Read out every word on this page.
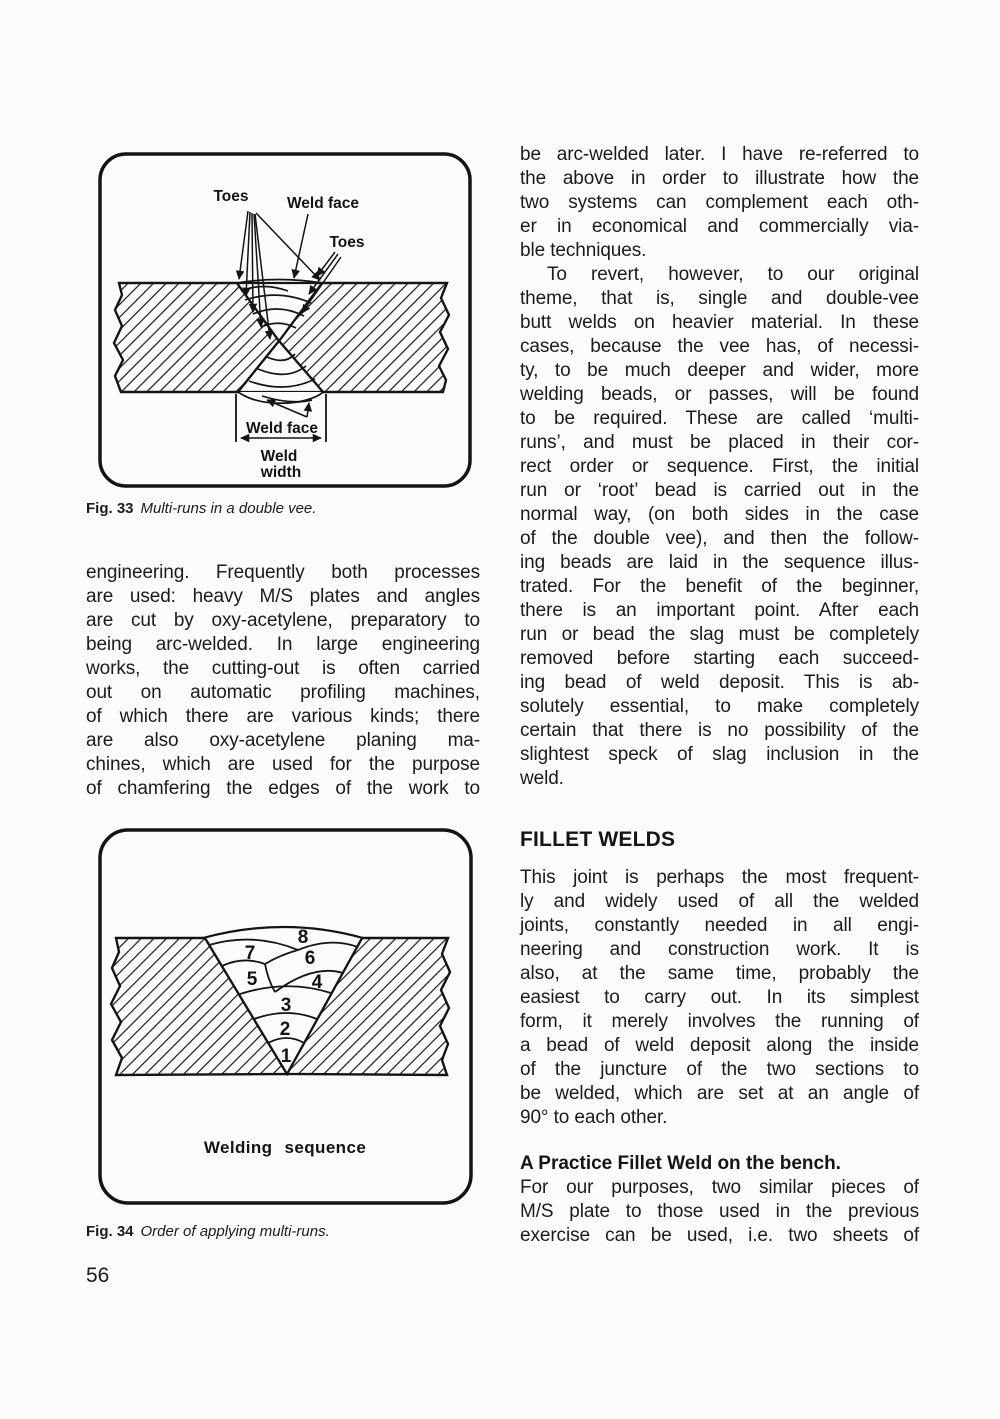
Toes Weld face
Toes
Weld face
Weld
width

Fig. 33 Multi-runs in a double vee.

engineering. Frequently both processes
are used: heavy M/S plates and angles
are cut by oxy-acetylene, preparatory to
being arc-welded. In large engineering
works, the cutting-out is often carried
out on automatic profiling machines,
of which there are various kinds; there
are also oxy-acetylene planing ma-
chines, which are used for the purpose
of chamfering the edges of the work to
8
7	6
5	4
3
2
1
Welding sequence

Fig. 34 Order of applying multi-runs.

56
be arc-welded later. I have re-referred to
the above in order to illustrate how the
two systems can complement each oth-
er in economical and commercially via-
ble techniques.
To revert, however, to our original
theme, that is, single and double-vee
butt welds on heavier material. In these
cases, because the vee has, of necessi-
ty, to be much deeper and wider, more
welding beads, or passes, will be found
to be required. These are called ‘multi-
runs’, and must be placed in their cor-
rect order or sequence. First, the initial
run or ‘root’ bead is carried out in the
normal way, (on both sides in the case
of the double vee), and then the follow-
ing beads are laid in the sequence illus-
trated. For the benefit of the beginner,
there is an important point. After each
run or bead the slag must be completely
removed before starting each succeed-
ing bead of weld deposit. This is ab-
solutely essential, to make completely
certain that there is no possibility of the
slightest speck of slag inclusion in the
weld.
FILLET WELDS
This joint is perhaps the most frequent-
ly and widely used of all the welded
joints, constantly needed in all engi-
neering and construction work. It is
also, at the same time, probably the
easiest to carry out. In its simplest
form, it merely involves the running of
a bead of weld deposit along the inside
of the juncture of the two sections to
be welded, which are set at an angle of
90° to each other.
A Practice Fillet Weld on the bench.
For our purposes, two similar pieces of
M/S plate to those used in the previous
exercise can be used, i.e. two sheets of
